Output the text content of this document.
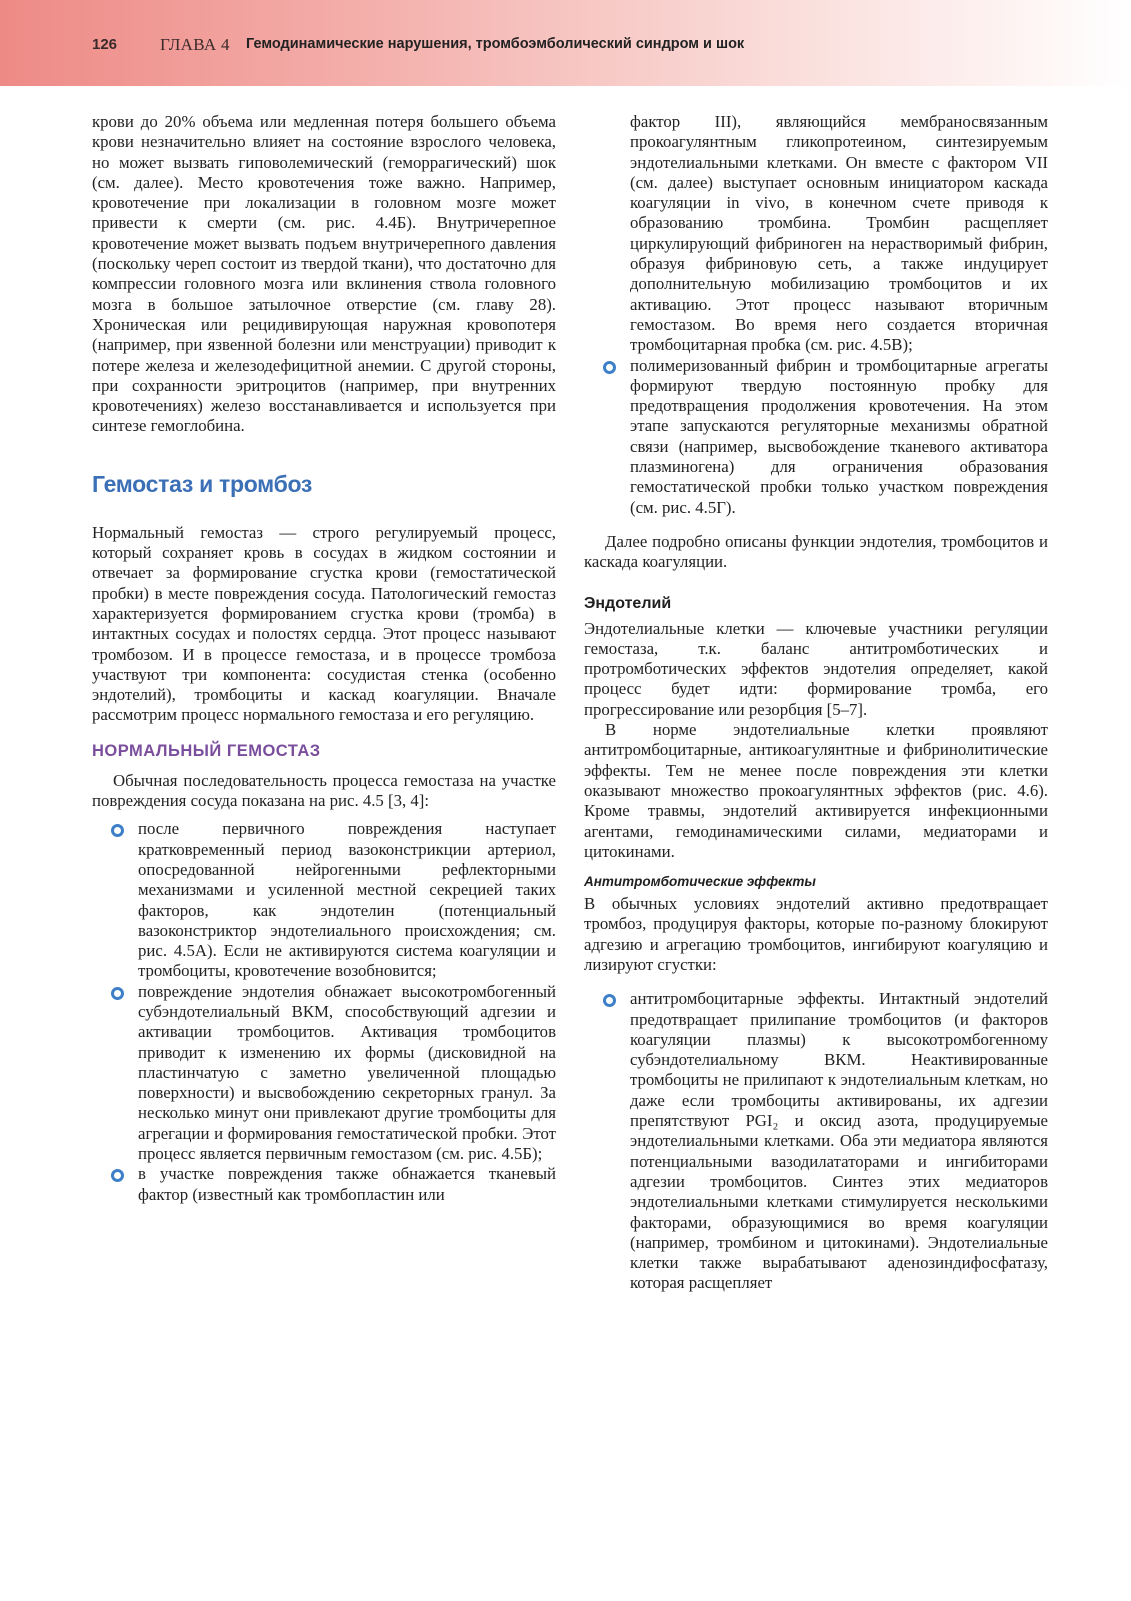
126	ГЛАВА 4 Гемодинамические нарушения, тромбоэмболический синдром и шок

крови до 20% объема или медленная потеря большего объема крови незначительно влияет на состояние взрослого человека, но может вызвать гиповолемический (геморрагический) шок (см. далее). Место кровотечения тоже важно. Например, кровотечение при локализации в головном мозге может привести к смерти (см. рис. 4.4Б). Внутричерепное кровотечение может вызвать подъем внутричерепного давления (поскольку череп состоит из твердой ткани), что достаточно для компрессии головного мозга или вклинения ствола головного мозга в большое затылочное отверстие (см. главу 28). Хроническая или рецидивирующая наружная кровопотеря (например, при язвенной болезни или менструации) приводит к потере железа и железодефицитной анемии. С другой стороны, при сохранности эритроцитов (например, при внутренних кровотечениях) железо восстанавливается и используется при синтезе гемоглобина.

Гемостаз и тромбоз

Нормальный гемостаз — строго регулируемый процесс, который сохраняет кровь в сосудах в жидком состоянии и отвечает за формирование сгустка крови (гемостатической пробки) в месте повреждения сосуда. Патологический гемостаз характеризуется формированием сгустка крови (тромба) в интактных сосудах и полостях сердца. Этот процесс называют тромбозом. И в процессе гемостаза, и в процессе тромбоза участвуют три компонента: сосудистая стенка (особенно эндотелий), тромбоциты и каскад коагуляции. Вначале рассмотрим процесс нормального гемостаза и его регуляцию.

НОРМАЛЬНЫЙ ГЕМОСТАЗ

Обычная последовательность процесса гемостаза на участке повреждения сосуда показана на рис. 4.5 [3, 4]:

после первичного повреждения наступает кратковременный период вазоконстрикции артериол, опосредованной нейрогенными рефлекторными механизмами и усиленной местной секрецией таких факторов, как эндотелин (потенциальный вазоконстриктор эндотелиального происхождения; см. рис. 4.5А). Если не активируются система коагуляции и тромбоциты, кровотечение возобновится;

повреждение эндотелия обнажает высокотромбогенный субэндотелиальный ВКМ, способствующий адгезии и активации тромбоцитов. Активация тромбоцитов приводит к изменению их формы (дисковидной на пластинчатую с заметно увеличенной площадью поверхности) и высвобождению секреторных гранул. За несколько минут они привлекают другие тромбоциты для агрегации и формирования гемостатической пробки. Этот процесс является первичным гемостазом (см. рис. 4.5Б);

в участке повреждения также обнажается тканевый фактор (известный как тромбопластин или

фактор III), являющийся мембраносвязанным прокоагулянтным гликопротеином, синтезируемым эндотелиальными клетками. Он вместе с фактором VII (см. далее) выступает основным инициатором каскада коагуляции in vivo, в конечном счете приводя к образованию тромбина. Тромбин расщепляет циркулирующий фибриноген на нерастворимый фибрин, образуя фибриновую сеть, а также индуцирует дополнительную мобилизацию тромбоцитов и их активацию. Этот процесс называют вторичным гемостазом. Во время него создается вторичная тромбоцитарная пробка (см. рис. 4.5В);

полимеризованный фибрин и тромбоцитарные агрегаты формируют твердую постоянную пробку для предотвращения продолжения кровотечения. На этом этапе запускаются регуляторные механизмы обратной связи (например, высвобождение тканевого активатора плазминогена) для ограничения образования гемостатической пробки только участком повреждения (см. рис. 4.5Г).

Далее подробно описаны функции эндотелия, тромбоцитов и каскада коагуляции.

Эндотелий

Эндотелиальные клетки — ключевые участники регуляции гемостаза, т.к. баланс антитромботических и протромботических эффектов эндотелия определяет, какой процесс будет идти: формирование тромба, его прогрессирование или резорбция [5–7].

В норме эндотелиальные клетки проявляют антитромбоцитарные, антикоагулянтные и фибринолитические эффекты. Тем не менее после повреждения эти клетки оказывают множество прокоагулянтных эффектов (рис. 4.6). Кроме травмы, эндотелий активируется инфекционными агентами, гемодинамическими силами, медиаторами и цитокинами.

Антитромботические эффекты

В обычных условиях эндотелий активно предотвращает тромбоз, продуцируя факторы, которые по-разному блокируют адгезию и агрегацию тромбоцитов, ингибируют коагуляцию и лизируют сгустки:

антитромбоцитарные эффекты. Интактный эндотелий предотвращает прилипание тромбоцитов (и факторов коагуляции плазмы) к высокотромбогенному субэндотелиальному ВКМ. Неактивированные тромбоциты не прилипают к эндотелиальным клеткам, но даже если тромбоциты активированы, их адгезии препятствуют PGI₂ и оксид азота, продуцируемые эндотелиальными клетками. Оба эти медиатора являются потенциальными вазодилататорами и ингибиторами адгезии тромбоцитов. Синтез этих медиаторов эндотелиальными клетками стимулируется несколькими факторами, образующимися во время коагуляции (например, тромбином и цитокинами). Эндотелиальные клетки также вырабатывают аденозиндифосфатазу, которая расщепляет
